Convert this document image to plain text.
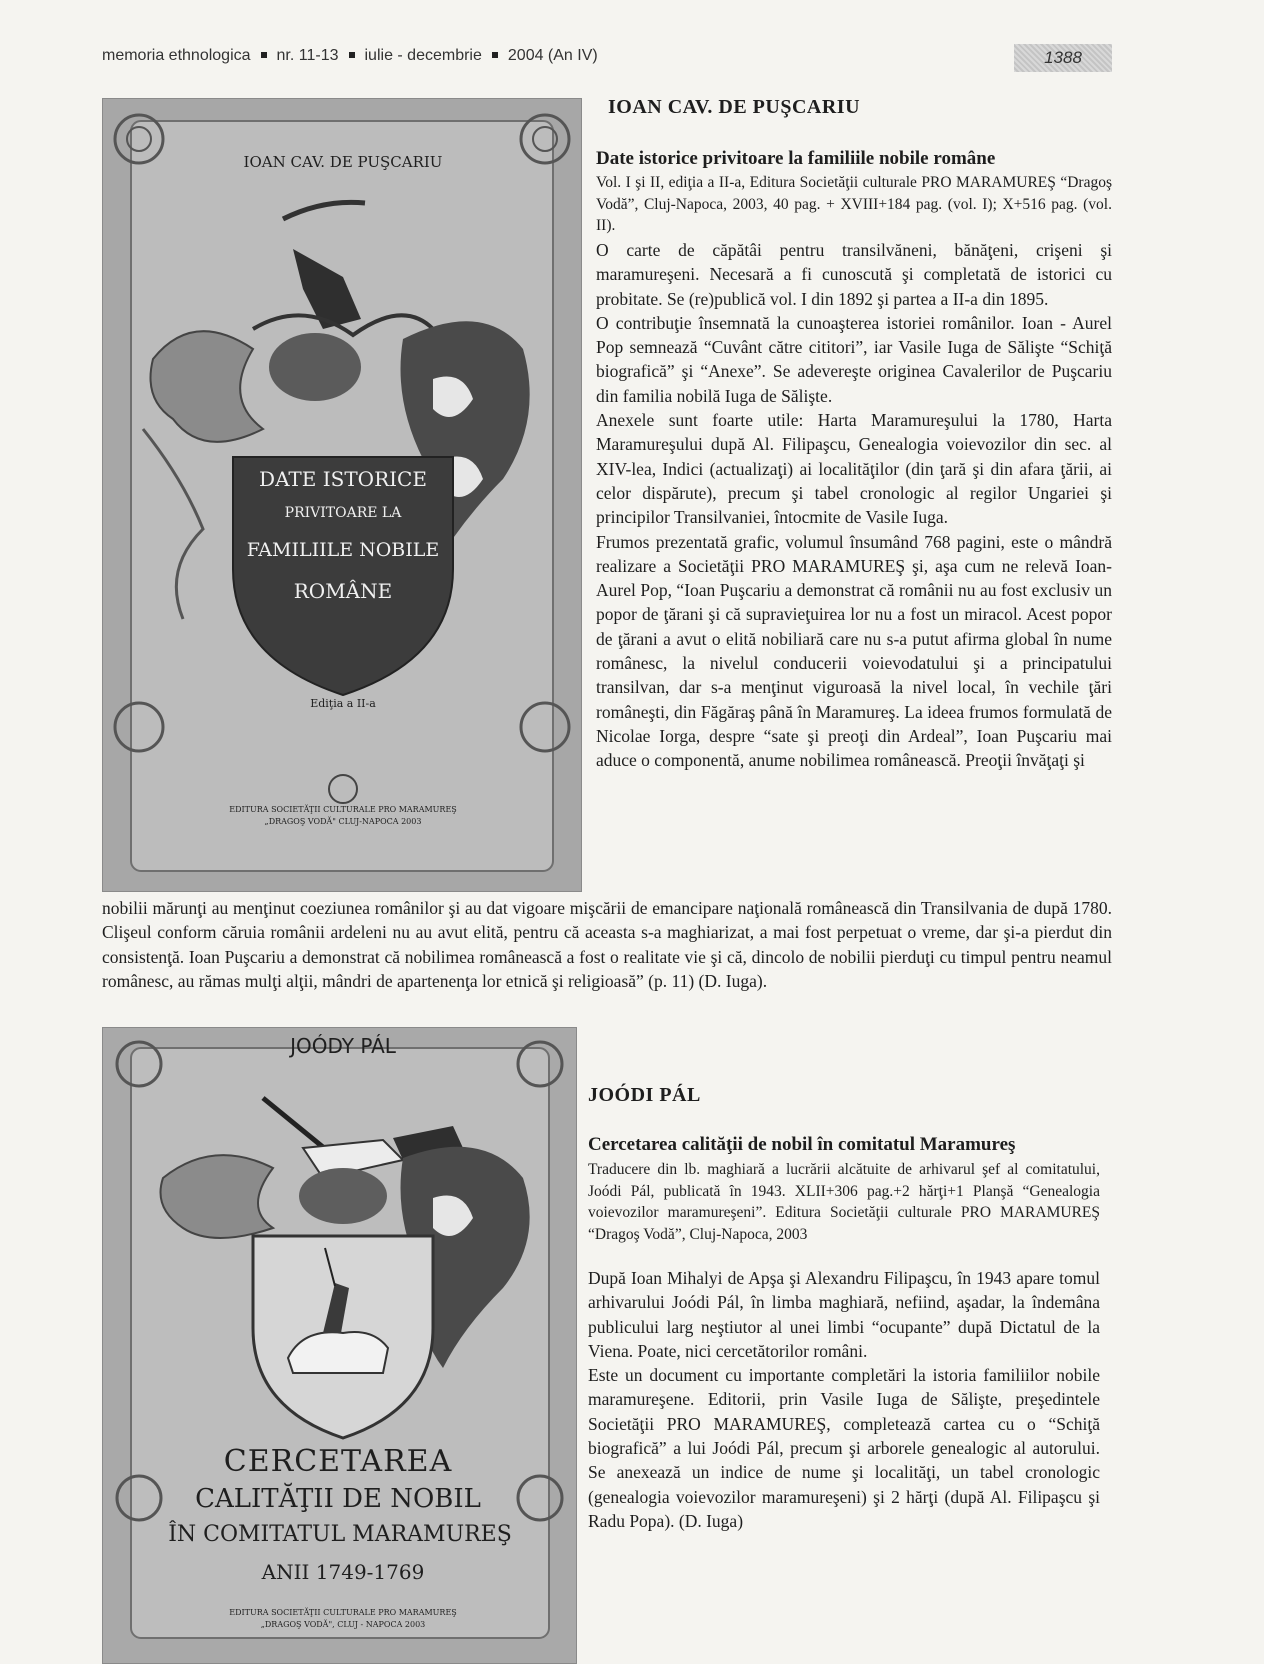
memoria ethnologica nr. 11-13 iulie - decembrie 2004 (An IV)	1388
IOAN CAV. DE PUŞCARIU
DATE ISTORICE
PRIVITOARE LA
FAMILIILE NOBILE
ROMÂNE
Ediţia a II-a
EDITURA SOCIETĂŢII CULTURALE PRO MARAMUREŞ
„DRAGOŞ VODĂ" CLUJ-NAPOCA 2003
IOAN CAV. DE PUŞCARIU
Date istorice privitoare la familiile nobile române
Vol. I şi II, ediţia a II-a, Editura Societăţii culturale PRO MARAMUREŞ “Dragoş Vodă”, Cluj-Napoca, 2003, 40 pag. + XVIII+184 pag. (vol. I); X+516 pag. (vol. II).

O carte de căpătâi pentru transilvăneni, bănăţeni, crişeni şi maramureşeni. Necesară a fi cunoscută şi completată de istorici cu probitate. Se (re)publică vol. I din 1892 şi partea a II-a din 1895.

O contribuţie însemnată la cunoaşterea istoriei românilor. Ioan - Aurel Pop semnează “Cuvânt către cititori”, iar Vasile Iuga de Sălişte “Schiţă biografică” şi “Anexe”. Se adevereşte originea Cavalerilor de Puşcariu din familia nobilă Iuga de Sălişte.

Anexele sunt foarte utile: Harta Maramureşului la 1780, Harta Maramureşului după Al. Filipaşcu, Genealogia voievozilor din sec. al XIV-lea, Indici (actualizaţi) ai localităţilor (din ţară şi din afara ţării, ai celor dispărute), precum şi tabel cronologic al regilor Ungariei şi principilor Transilvaniei, întocmite de Vasile Iuga.

Frumos prezentată grafic, volumul însumând 768 pagini, este o mândră realizare a Societăţii PRO MARAMUREŞ şi, aşa cum ne relevă Ioan-Aurel Pop, “Ioan Puşcariu a demonstrat că românii nu au fost exclusiv un popor de ţărani şi că supravieţuirea lor nu a fost un miracol. Acest popor de ţărani a avut o elită nobiliară care nu s-a putut afirma global în nume românesc, la nivelul conducerii voievodatului şi a principatului transilvan, dar s-a menţinut viguroasă la nivel local, în vechile ţări româneşti, din Făgăraş până în Maramureş. La ideea frumos formulată de Nicolae Iorga, despre “sate şi preoţi din Ardeal”, Ioan Puşcariu mai aduce o componentă, anume nobilimea românească. Preoţii învăţaţi şi

nobilii mărunţi au menţinut coeziunea românilor şi au dat vigoare mişcării de emancipare naţională românească din Transilvania de după 1780. Clişeul conform căruia românii ardeleni nu au avut elită, pentru că aceasta s-a maghiarizat, a mai fost perpetuat o vreme, dar şi-a pierdut din consistenţă. Ioan Puşcariu a demonstrat că nobilimea românească a fost o realitate vie şi că, dincolo de nobilii pierduţi cu timpul pentru neamul românesc, au rămas mulţi alţii, mândri de apartenenţa lor etnică şi religioasă” (p. 11) (D. Iuga).
JOÓDY PÁL
CERCETAREA
CALITĂŢII DE NOBIL
ÎN COMITATUL MARAMUREŞ
ANII 1749-1769
EDITURA SOCIETĂŢII CULTURALE PRO MARAMUREŞ
„DRAGOŞ VODĂ", CLUJ - NAPOCA 2003
JOÓDI PÁL
Cercetarea calităţii de nobil în comitatul Maramureş
Traducere din lb. maghiară a lucrării alcătuite de arhivarul şef al comitatului, Joódi Pál, publicată în 1943. XLII+306 pag.+2 hărţi+1 Planşă “Genealogia voievozilor maramureşeni”. Editura Societăţii culturale PRO MARAMUREŞ “Dragoş Vodă”, Cluj-Napoca, 2003

După Ioan Mihalyi de Apşa şi Alexandru Filipaşcu, în 1943 apare tomul arhivarului Joódi Pál, în limba maghiară, nefiind, aşadar, la îndemâna publicului larg neştiutor al unei limbi “ocupante” după Dictatul de la Viena. Poate, nici cercetătorilor români.

Este un document cu importante completări la istoria familiilor nobile maramureşene. Editorii, prin Vasile Iuga de Sălişte, preşedintele Societăţii PRO MARAMUREŞ, completează cartea cu o “Schiţă biografică” a lui Joódi Pál, precum şi arborele genealogic al autorului. Se anexează un indice de nume şi localităţi, un tabel cronologic (genealogia voievozilor maramureşeni) şi 2 hărţi (după Al. Filipaşcu şi Radu Popa). (D. Iuga)
